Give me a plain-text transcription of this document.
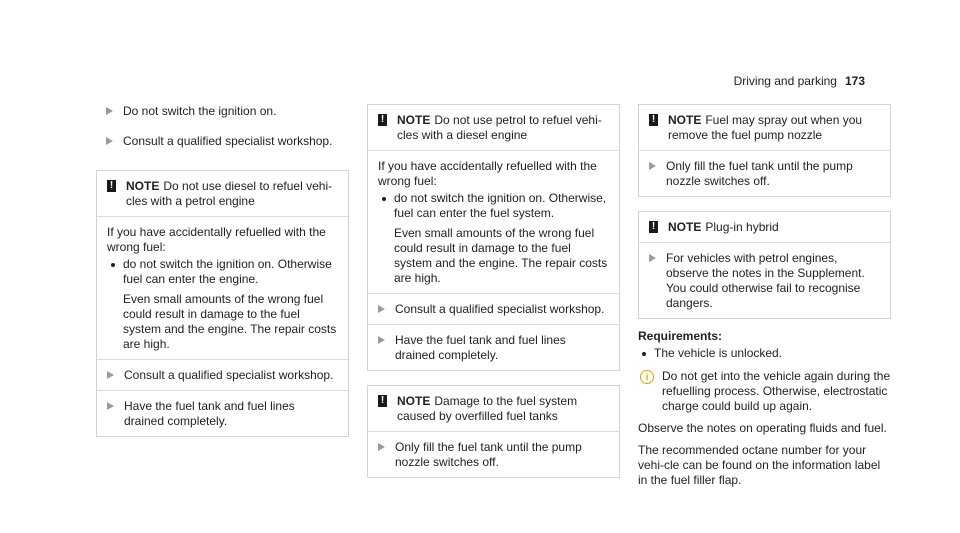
Driving and parking 173
Do not switch the ignition on.
Consult a qualified specialist workshop.
! NOTE Do not use diesel to refuel vehi-cles with a petrol engine
If you have accidentally refuelled with the wrong fuel:
do not switch the ignition on. Otherwise fuel can enter the engine.
Even small amounts of the wrong fuel could result in damage to the fuel system and the engine. The repair costs are high.
Consult a qualified specialist workshop.
Have the fuel tank and fuel lines drained completely.
! NOTE Do not use petrol to refuel vehi-cles with a diesel engine
If you have accidentally refuelled with the wrong fuel:
do not switch the ignition on. Otherwise, fuel can enter the fuel system.
Even small amounts of the wrong fuel could result in damage to the fuel system and the engine. The repair costs are high.
Consult a qualified specialist workshop.
Have the fuel tank and fuel lines drained completely.
! NOTE Damage to the fuel system caused by overfilled fuel tanks
Only fill the fuel tank until the pump nozzle switches off.
! NOTE Fuel may spray out when you remove the fuel pump nozzle
Only fill the fuel tank until the pump nozzle switches off.
! NOTE Plug-in hybrid
For vehicles with petrol engines, observe the notes in the Supplement. You could otherwise fail to recognise dangers.
Requirements:
The vehicle is unlocked.
i	Do not get into the vehicle again during the refuelling process. Otherwise, electrostatic charge could build up again.
Observe the notes on operating fluids and fuel.
The recommended octane number for your vehi-cle can be found on the information label in the fuel filler flap.
